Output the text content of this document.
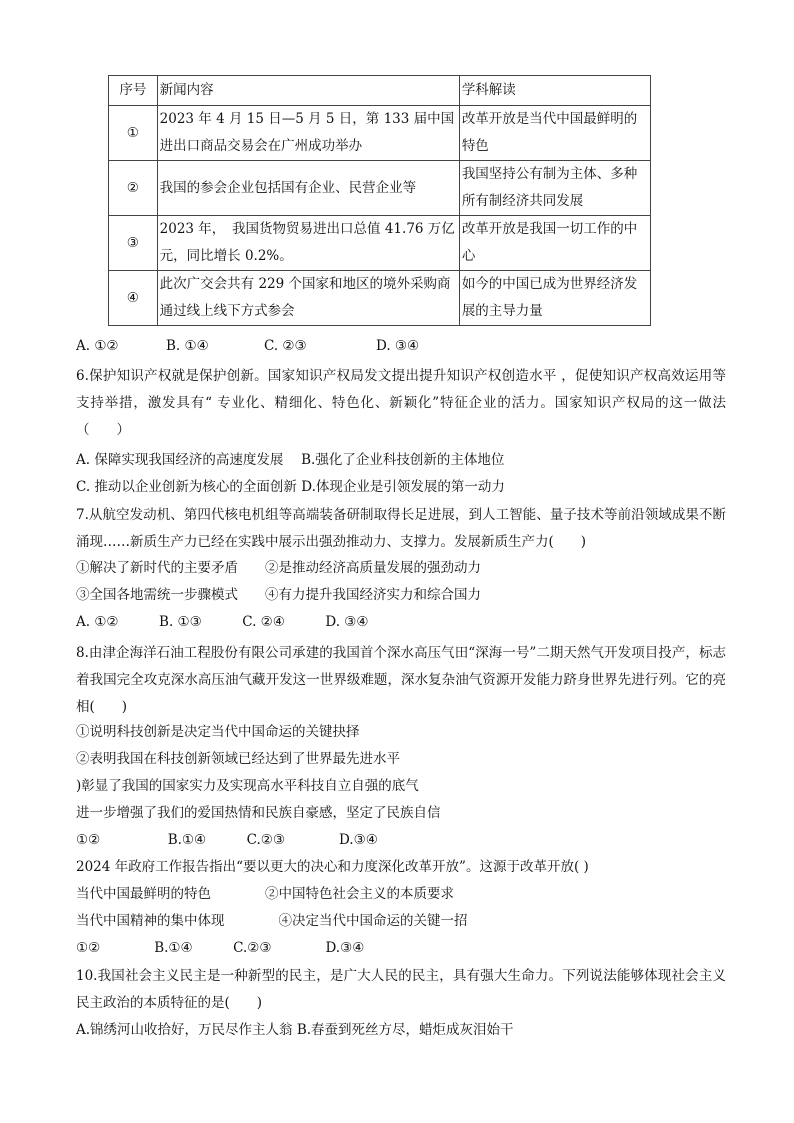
序号	新闻内容	学科解读
①	2023 年 4 月 15 日—5 月 5 日，第 133 届中国进出口商品交易会在广州成功举办	改革开放是当代中国最鲜明的特色
②	我国的参会企业包括国有企业、民营企业等	我国坚持公有制为主体、多种所有制经济共同发展
③	2023 年，　我国货物贸易进出口总值 41.76 万亿元，同比增长 0.2%。	改革开放是我国一切工作的中心
④	此次广交会共有 229 个国家和地区的境外采购商通过线上线下方式参会	如今的中国已成为世界经济发展的主导力量
A. ①②	B. ①④	C. ②③	D. ③④
6.保护知识产权就是保护创新。国家知识产权局发文提出提升知识产权创造水平 ，促使知识产权高效运用等支持举措，激发具有“ 专业化、精细化、特色化、新颖化”特征企业的活力。国家知识产权局的这一做法（　　）
A. 保障实现我国经济的高速度发展　 B.强化了企业科技创新的主体地位
C. 推动以企业创新为核心的全面创新 D.体现企业是引领发展的第一动力
7.从航空发动机、第四代核电机组等高端装备研制取得长足进展，到人工智能、量子技术等前沿领域成果不断涌现……新质生产力已经在实践中展示出强劲推动力、支撑力。发展新质生产力(　　)
①解决了新时代的主要矛盾　　②是推动经济高质量发展的强劲动力
③全国各地需统一步骤模式　　④有力提升我国经济实力和综合国力
A. ①②　　　B. ①③　　　C. ②④　　　D. ③④
8.由津企海洋石油工程股份有限公司承建的我国首个深水高压气田“深海一号”二期天然气开发项目投产，标志着我国完全攻克深水高压油气藏开发这一世界级难题，深水复杂油气资源开发能力跻身世界先进行列。它的亮相(　　)
①说明科技创新是决定当代中国命运的关键抉择
②表明我国在科技创新领域已经达到了世界最先进水平
)彰显了我国的国家实力及实现高水平科技自立自强的底气
进一步增强了我们的爱国热情和民族自豪感，坚定了民族自信
①②　　　　　B.①④　　　C.②③　　　　D.③④
2024 年政府工作报告指出“要以更大的决心和力度深化改革开放”。这源于改革开放( )
当代中国最鲜明的特色　　　　②中国特色社会主义的本质要求
当代中国精神的集中体现　　　　④决定当代中国命运的关键一招
①②　　　　B.①④　　　C.②③　　　　D.③④
10.我国社会主义民主是一种新型的民主，是广大人民的民主，具有强大生命力。下列说法能够体现社会主义民主政治的本质特征的是(　　)
A.锦绣河山收拾好，万民尽作主人翁 B.春蚕到死丝方尽，蜡炬成灰泪始干
